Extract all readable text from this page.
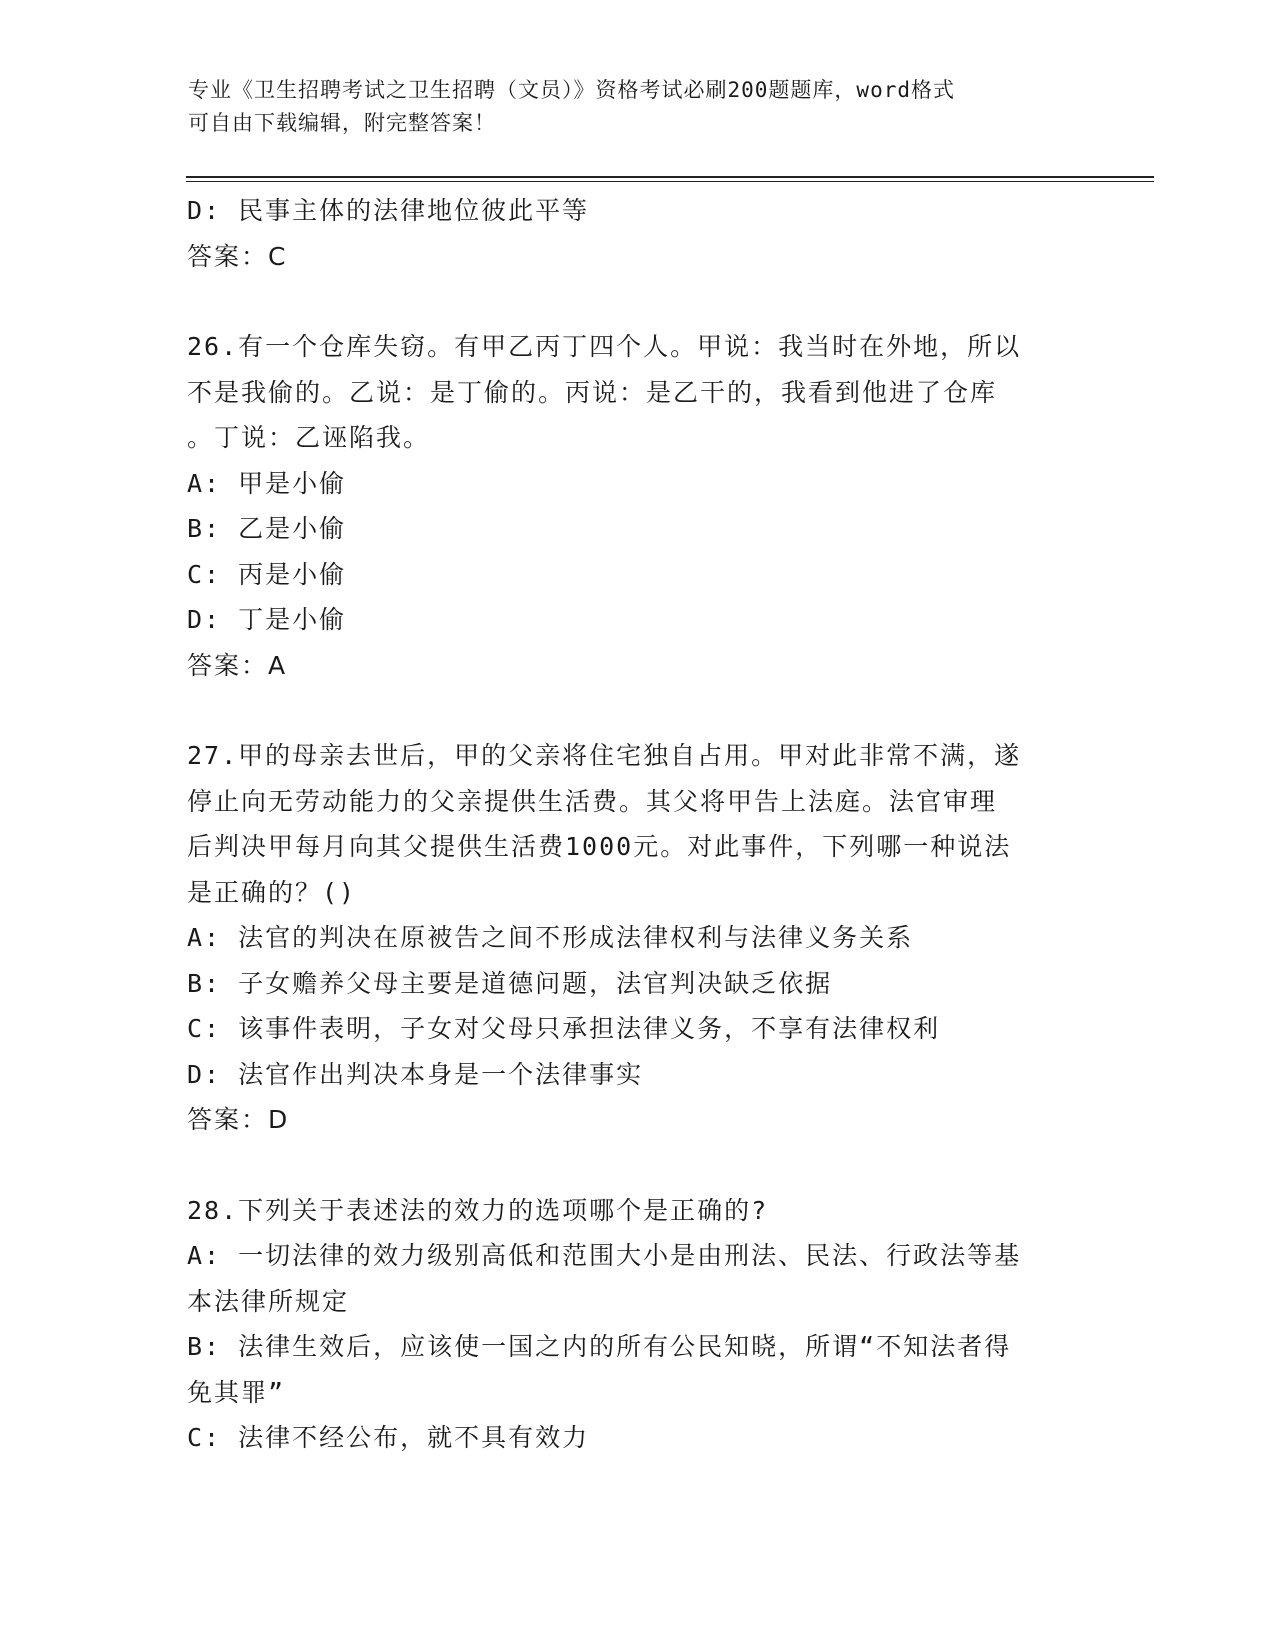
专业《卫生招聘考试之卫生招聘（文员）》资格考试必刷200题题库，word格式
可自由下载编辑，附完整答案！
D: 民事主体的法律地位彼此平等
答案：C
26.有一个仓库失窃。有甲乙丙丁四个人。甲说：我当时在外地，所以
不是我偷的。乙说：是丁偷的。丙说：是乙干的，我看到他进了仓库
。丁说：乙诬陷我。
A: 甲是小偷
B: 乙是小偷
C: 丙是小偷
D: 丁是小偷
答案：A
27.甲的母亲去世后，甲的父亲将住宅独自占用。甲对此非常不满，遂
停止向无劳动能力的父亲提供生活费。其父将甲告上法庭。法官审理
后判决甲每月向其父提供生活费1000元。对此事件，下列哪一种说法
是正确的？()
A: 法官的判决在原被告之间不形成法律权利与法律义务关系
B: 子女赡养父母主要是道德问题，法官判决缺乏依据
C: 该事件表明，子女对父母只承担法律义务，不享有法律权利
D: 法官作出判决本身是一个法律事实
答案：D
28.下列关于表述法的效力的选项哪个是正确的?
A: 一切法律的效力级别高低和范围大小是由刑法、民法、行政法等基
本法律所规定
B: 法律生效后，应该使一国之内的所有公民知晓，所谓“不知法者得
免其罪”
C: 法律不经公布，就不具有效力
